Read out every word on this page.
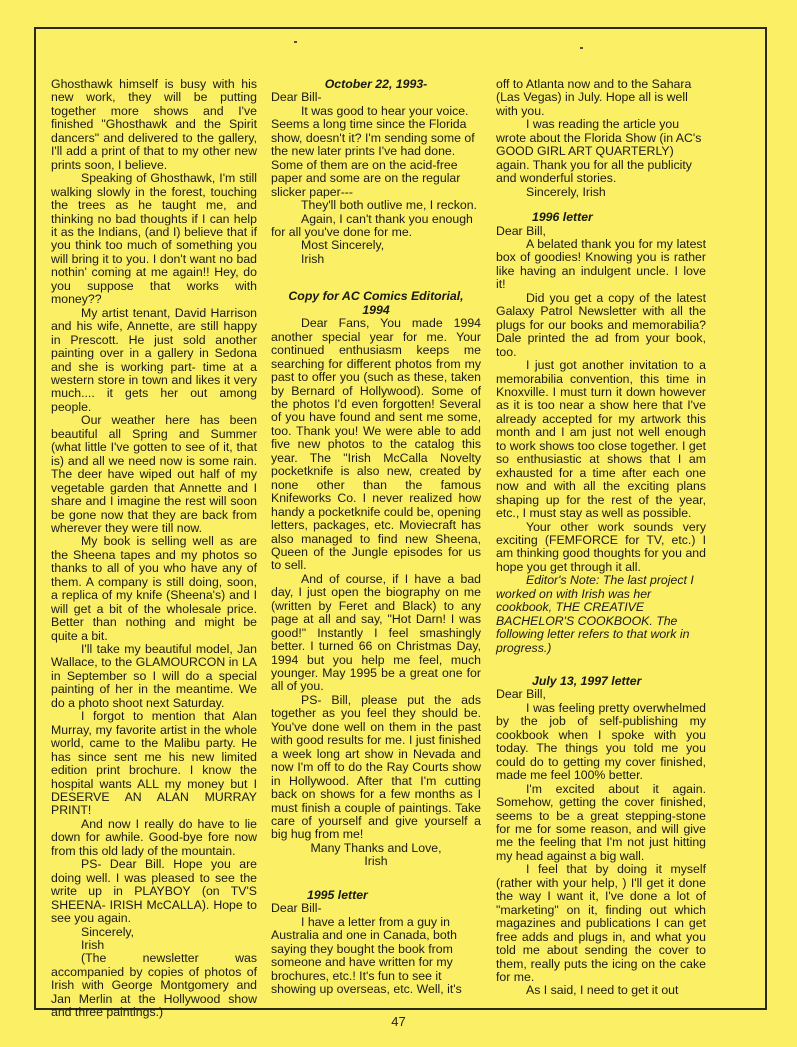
Ghosthawk himself is busy with his new work, they will be putting together more shows and I've finished "Ghosthawk and the Spirit dancers" and delivered to the gallery, I'll add a print of that to my other new prints soon, I believe.

Speaking of Ghosthawk, I'm still walking slowly in the forest, touching the trees as he taught me, and thinking no bad thoughts if I can help it as the Indians, (and I) believe that if you think too much of something you will bring it to you. I don't want no bad nothin' coming at me again!! Hey, do you suppose that works with money??

My artist tenant, David Harrison and his wife, Annette, are still happy in Prescott. He just sold another painting over in a gallery in Sedona and she is working part- time at a western store in town and likes it very much.... it gets her out among people.

Our weather here has been beautiful all Spring and Summer (what little I've gotten to see of it, that is) and all we need now is some rain. The deer have wiped out half of my vegetable garden that Annette and I share and I imagine the rest will soon be gone now that they are back from wherever they were till now.

My book is selling well as are the Sheena tapes and my photos so thanks to all of you who have any of them. A company is still doing, soon, a replica of my knife (Sheena's) and I will get a bit of the wholesale price. Better than nothing and might be quite a bit.

I'll take my beautiful model, Jan Wallace, to the GLAMOURCON in LA in September so I will do a special painting of her in the meantime. We do a photo shoot next Saturday.

I forgot to mention that Alan Murray, my favorite artist in the whole world, came to the Malibu party. He has since sent me his new limited edition print brochure. I know the hospital wants ALL my money but I DESERVE AN ALAN MURRAY PRINT!

And now I really do have to lie down for awhile. Good-bye fore now from this old lady of the mountain.

PS- Dear Bill. Hope you are doing well. I was pleased to see the write up in PLAYBOY (on TV'S SHEENA- IRISH McCALLA). Hope to see you again.

Sincerely,

Irish

(The newsletter was accompanied by copies of photos of Irish with George Montgomery and Jan Merlin at the Hollywood show and three paintings.)

October 22, 1993-

Dear Bill-

It was good to hear your voice. Seems a long time since the Florida show, doesn't it? I'm sending some of the new later prints I've had done. Some of them are on the acid-free paper and some are on the regular slicker paper---

They'll both outlive me, I reckon.

Again, I can't thank you enough for all you've done for me.

Most Sincerely,

Irish

Copy for AC Comics Editorial,

1994

Dear Fans, You made 1994 another special year for me. Your continued enthusiasm keeps me searching for different photos from my past to offer you (such as these, taken by Bernard of Hollywood). Some of the photos I'd even forgotten! Several of you have found and sent me some, too. Thank you! We were able to add five new photos to the catalog this year. The "Irish McCalla Novelty pocketknife is also new, created by none other than the famous Knifeworks Co. I never realized how handy a pocketknife could be, opening letters, packages, etc. Moviecraft has also managed to find new Sheena, Queen of the Jungle episodes for us to sell.

And of course, if I have a bad day, I just open the biography on me (written by Feret and Black) to any page at all and say, "Hot Darn! I was good!" Instantly I feel smashingly better. I turned 66 on Christmas Day, 1994 but you help me feel, much younger. May 1995 be a great one for all of you.

PS- Bill, please put the ads together as you feel they should be. You've done well on them in the past with good results for me. I just finished a week long art show in Nevada and now I'm off to do the Ray Courts show in Hollywood. After that I'm cutting back on shows for a few months as I must finish a couple of paintings. Take care of yourself and give yourself a big hug from me!

Many Thanks and Love,

Irish

1995 letter

Dear Bill-

I have a letter from a guy in Australia and one in Canada, both saying they bought the book from someone and have written for my brochures, etc.! It's fun to see it showing up overseas, etc. Well, it's

off to Atlanta now and to the Sahara (Las Vegas) in July. Hope all is well with you.

I was reading the article you wrote about the Florida Show (in AC's GOOD GIRL ART QUARTERLY) again. Thank you for all the publicity and wonderful stories.

Sincerely, Irish

1996 letter

Dear Bill,

A belated thank you for my latest box of goodies! Knowing you is rather like having an indulgent uncle. I love it!

Did you get a copy of the latest Galaxy Patrol Newsletter with all the plugs for our books and memorabilia? Dale printed the ad from your book, too.

I just got another invitation to a memorabilia convention, this time in Knoxville. I must turn it down however as it is too near a show here that I've already accepted for my artwork this month and I am just not well enough to work shows too close together. I get so enthusiastic at shows that I am exhausted for a time after each one now and with all the exciting plans shaping up for the rest of the year, etc., I must stay as well as possible.

Your other work sounds very exciting (FEMFORCE for TV, etc.) I am thinking good thoughts for you and hope you get through it all.

Editor's Note: The last project I worked on with Irish was her cookbook, THE CREATIVE BACHELOR'S COOKBOOK. The following letter refers to that work in progress.)

July 13, 1997 letter

Dear Bill,

I was feeling pretty overwhelmed by the job of self-publishing my cookbook when I spoke with you today. The things you told me you could do to getting my cover finished, made me feel 100% better.

I'm excited about it again. Somehow, getting the cover finished, seems to be a great stepping-stone for me for some reason, and will give me the feeling that I'm not just hitting my head against a big wall.

I feel that by doing it myself (rather with your help, ) I'll get it done the way I want it, I've done a lot of "marketing" on it, finding out which magazines and publications I can get free adds and plugs in, and what you told me about sending the cover to them, really puts the icing on the cake for me.

As I said, I need to get it out

47
